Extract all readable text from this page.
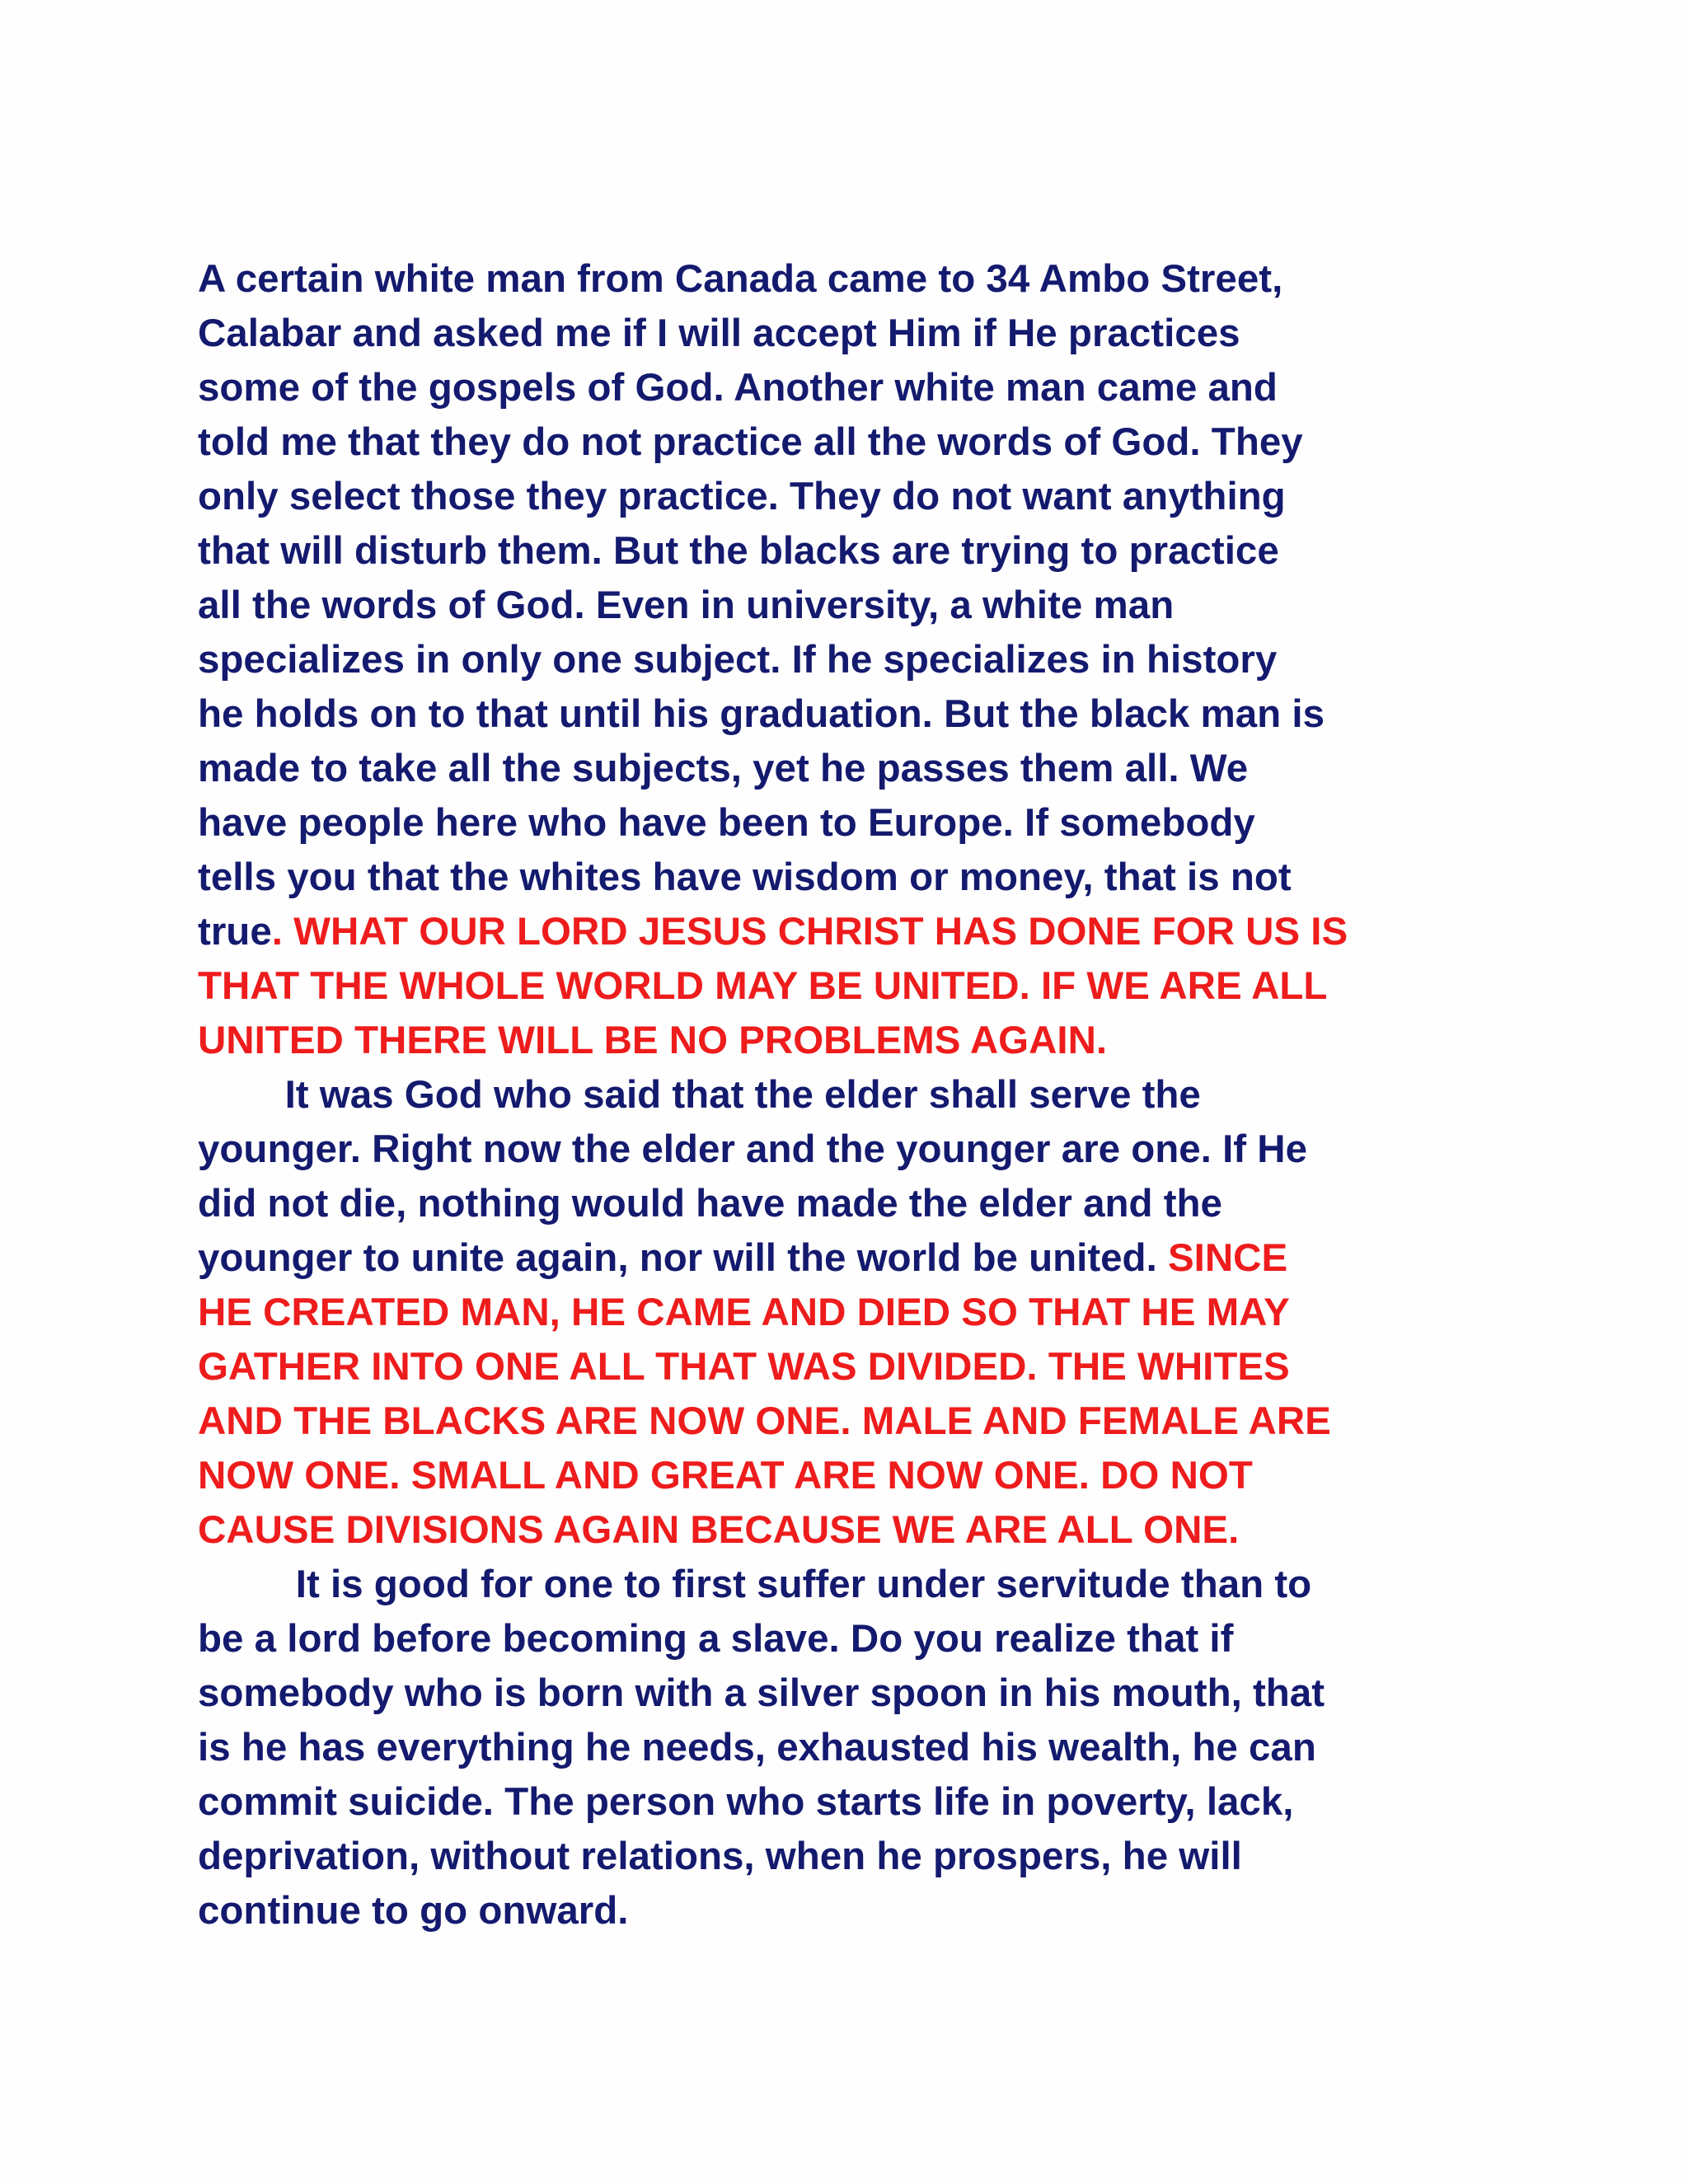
A certain white man from Canada came to 34 Ambo Street,
Calabar and asked me if I will accept Him if He practices
some of the gospels of God. Another white man came and
told me that they do not practice all the words of God. They
only select those they practice. They do not want anything
that will disturb them. But the blacks are trying to practice
all the words of God. Even in university, a white man
specializes in only one subject. If he specializes in history
he holds on to that until his graduation. But the black man is
made to take all the subjects, yet he passes them all. We
have people here who have been to Europe. If somebody
tells you that the whites have wisdom or money, that is not
true. WHAT OUR LORD JESUS CHRIST HAS DONE FOR US IS
THAT THE WHOLE WORLD MAY BE UNITED. IF WE ARE ALL
UNITED THERE WILL BE NO PROBLEMS AGAIN.
It was God who said that the elder shall serve the
younger. Right now the elder and the younger are one. If He
did not die, nothing would have made the elder and the
younger to unite again, nor will the world be united. SINCE
HE CREATED MAN, HE CAME AND DIED SO THAT HE MAY
GATHER INTO ONE ALL THAT WAS DIVIDED. THE WHITES
AND THE BLACKS ARE NOW ONE. MALE AND FEMALE ARE
NOW ONE. SMALL AND GREAT ARE NOW ONE. DO NOT
CAUSE DIVISIONS AGAIN BECAUSE WE ARE ALL ONE.
It is good for one to first suffer under servitude than to
be a lord before becoming a slave. Do you realize that if
somebody who is born with a silver spoon in his mouth, that
is he has everything he needs, exhausted his wealth, he can
commit suicide. The person who starts life in poverty, lack,
deprivation, without relations, when he prospers, he will
continue to go onward.
